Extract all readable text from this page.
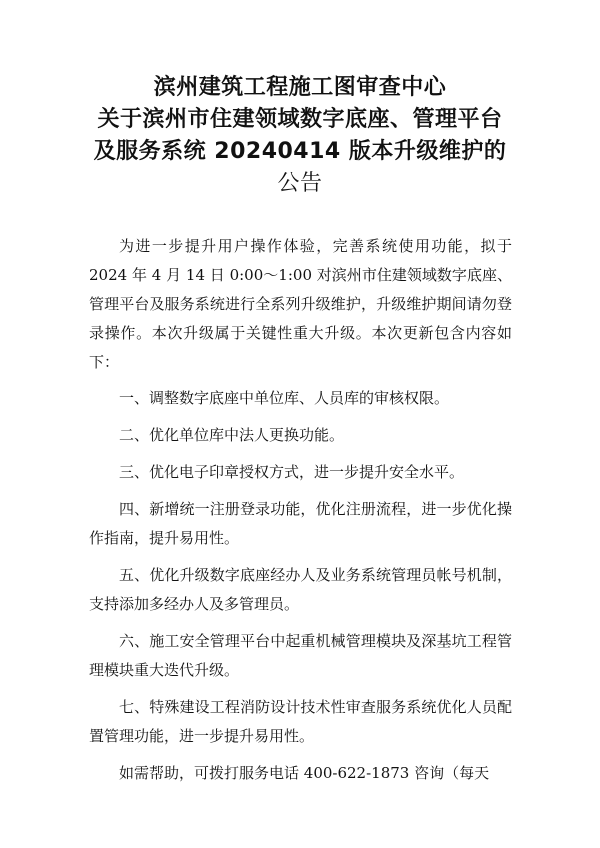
滨州建筑工程施工图审查中心
关于滨州市住建领域数字底座、管理平台
及服务系统 20240414 版本升级维护的
公告

为进一步提升用户操作体验，完善系统使用功能，拟于 2024 年 4 月 14 日 0:00～1:00 对滨州市住建领域数字底座、管理平台及服务系统进行全系列升级维护，升级维护期间请勿登录操作。本次升级属于关键性重大升级。本次更新包含内容如下：

一、调整数字底座中单位库、人员库的审核权限。

二、优化单位库中法人更换功能。

三、优化电子印章授权方式，进一步提升安全水平。

四、新增统一注册登录功能，优化注册流程，进一步优化操作指南，提升易用性。

五、优化升级数字底座经办人及业务系统管理员帐号机制，支持添加多经办人及多管理员。

六、施工安全管理平台中起重机械管理模块及深基坑工程管理模块重大迭代升级。

七、特殊建设工程消防设计技术性审查服务系统优化人员配置管理功能，进一步提升易用性。

如需帮助，可拨打服务电话 400-622-1873 咨询（每天
